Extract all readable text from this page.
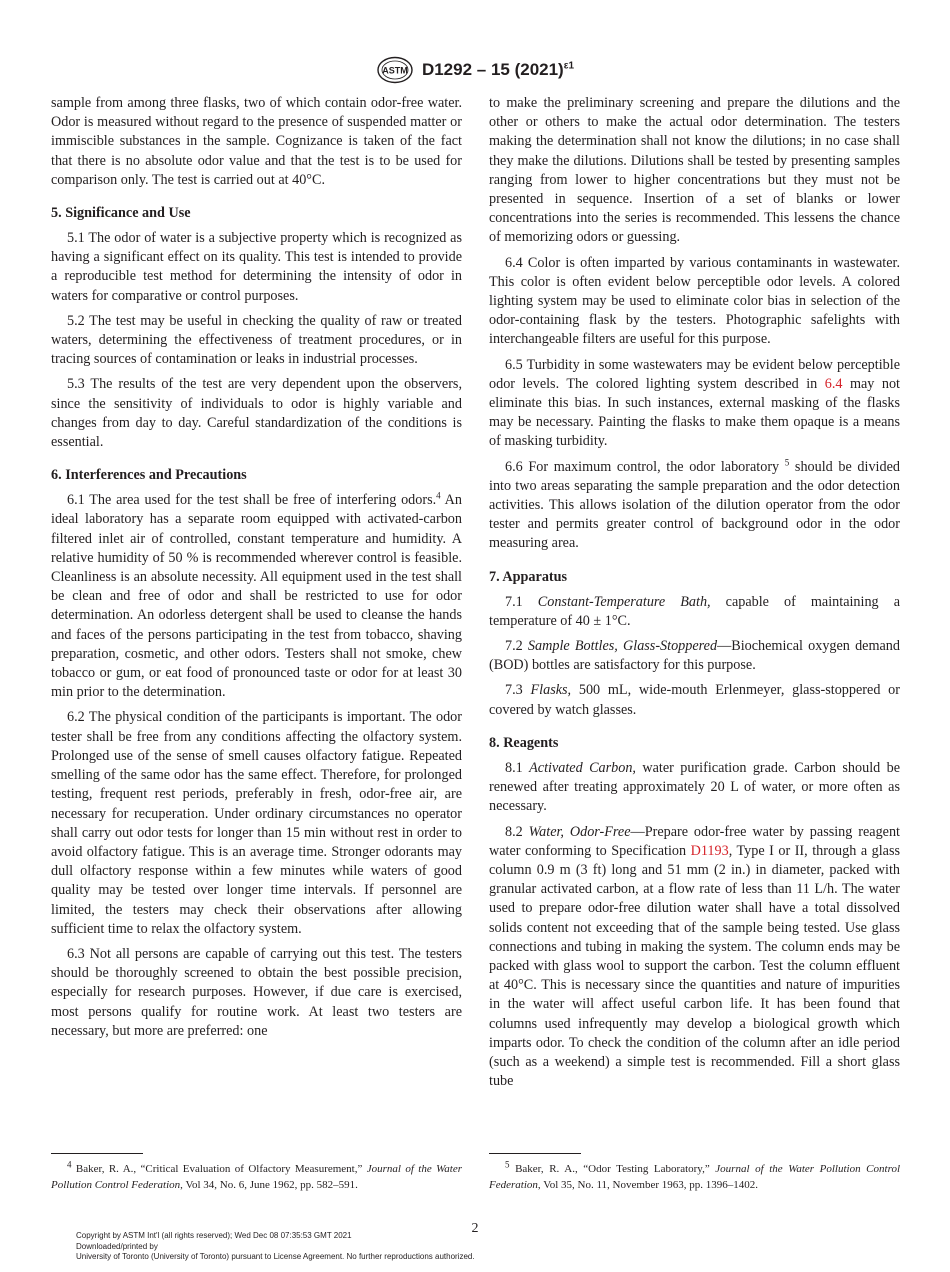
ASTM D1292 – 15 $(2021)^{\varepsilon 1}$

sample from among three flasks, two of which contain odor-free water. Odor is measured without regard to the presence of suspended matter or immiscible substances in the sample. Cognizance is taken of the fact that there is no absolute odor value and that the test is to be used for comparison only. The test is carried out at 40°C.

5. Significance and Use

5.1 The odor of water is a subjective property which is recognized as having a significant effect on its quality. This test is intended to provide a reproducible test method for determining the intensity of odor in waters for comparative or control purposes.

5.2 The test may be useful in checking the quality of raw or treated waters, determining the effectiveness of treatment procedures, or in tracing sources of contamination or leaks in industrial processes.

5.3 The results of the test are very dependent upon the observers, since the sensitivity of individuals to odor is highly variable and changes from day to day. Careful standardization of the conditions is essential.

6. Interferences and Precautions

6.1 The area used for the test shall be free of interfering odors.$^4$ An ideal laboratory has a separate room equipped with activated-carbon filtered inlet air of controlled, constant temperature and humidity. A relative humidity of 50 % is recommended wherever control is feasible. Cleanliness is an absolute necessity. All equipment used in the test shall be clean and free of odor and shall be restricted to use for odor determination. An odorless detergent shall be used to cleanse the hands and faces of the persons participating in the test from tobacco, shaving preparation, cosmetic, and other odors. Testers shall not smoke, chew tobacco or gum, or eat food of pronounced taste or odor for at least 30 min prior to the determination.

6.2 The physical condition of the participants is important. The odor tester shall be free from any conditions affecting the olfactory system. Prolonged use of the sense of smell causes olfactory fatigue. Repeated smelling of the same odor has the same effect. Therefore, for prolonged testing, frequent rest periods, preferably in fresh, odor-free air, are necessary for recuperation. Under ordinary circumstances no operator shall carry out odor tests for longer than 15 min without rest in order to avoid olfactory fatigue. This is an average time. Stronger odorants may dull olfactory response within a few minutes while waters of good quality may be tested over longer time intervals. If personnel are limited, the testers may check their observations after allowing sufficient time to relax the olfactory system.

6.3 Not all persons are capable of carrying out this test. The testers should be thoroughly screened to obtain the best possible precision, especially for research purposes. However, if due care is exercised, most persons qualify for routine work. At least two testers are necessary, but more are preferred: one

to make the preliminary screening and prepare the dilutions and the other or others to make the actual odor determination. The testers making the determination shall not know the dilutions; in no case shall they make the dilutions. Dilutions shall be tested by presenting samples ranging from lower to higher concentrations but they must not be presented in sequence. Insertion of a set of blanks or lower concentrations into the series is recommended. This lessens the chance of memorizing odors or guessing.

6.4 Color is often imparted by various contaminants in wastewater. This color is often evident below perceptible odor levels. A colored lighting system may be used to eliminate color bias in selection of the odor-containing flask by the testers. Photographic safelights with interchangeable filters are useful for this purpose.

6.5 Turbidity in some wastewaters may be evident below perceptible odor levels. The colored lighting system described in 6.4 may not eliminate this bias. In such instances, external masking of the flasks may be necessary. Painting the flasks to make them opaque is a means of masking turbidity.

6.6 For maximum control, the odor laboratory $^5$ should be divided into two areas separating the sample preparation and the odor detection activities. This allows isolation of the dilution operator from the odor tester and permits greater control of background odor in the odor measuring area.

7. Apparatus

7.1 Constant-Temperature Bath, capable of maintaining a temperature of 40 ± 1°C.

7.2 Sample Bottles, Glass-Stoppered—Biochemical oxygen demand (BOD) bottles are satisfactory for this purpose.

7.3 Flasks, 500 mL, wide-mouth Erlenmeyer, glass-stoppered or covered by watch glasses.

8. Reagents

8.1 Activated Carbon, water purification grade. Carbon should be renewed after treating approximately 20 L of water, or more often as necessary.

8.2 Water, Odor-Free—Prepare odor-free water by passing reagent water conforming to Specification D1193, Type I or II, through a glass column 0.9 m (3 ft) long and 51 mm (2 in.) in diameter, packed with granular activated carbon, at a flow rate of less than 11 L/h. The water used to prepare odor-free dilution water shall have a total dissolved solids content not exceeding that of the sample being tested. Use glass connections and tubing in making the system. The column ends may be packed with glass wool to support the carbon. Test the column effluent at 40°C. This is necessary since the quantities and nature of impurities in the water will affect useful carbon life. It has been found that columns used infrequently may develop a biological growth which imparts odor. To check the condition of the column after an idle period (such as a weekend) a simple test is recommended. Fill a short glass tube

$^4$ Baker, R. A., “Critical Evaluation of Olfactory Measurement,” Journal of the Water Pollution Control Federation, Vol 34, No. 6, June 1962, pp. 582–591.

$^5$ Baker, R. A., “Odor Testing Laboratory,” Journal of the Water Pollution Control Federation, Vol 35, No. 11, November 1963, pp. 1396–1402.

2
Copyright by ASTM Int'l (all rights reserved); Wed Dec 08 07:35:53 GMT 2021
Downloaded/printed by
University of Toronto (University of Toronto) pursuant to License Agreement. No further reproductions authorized.
